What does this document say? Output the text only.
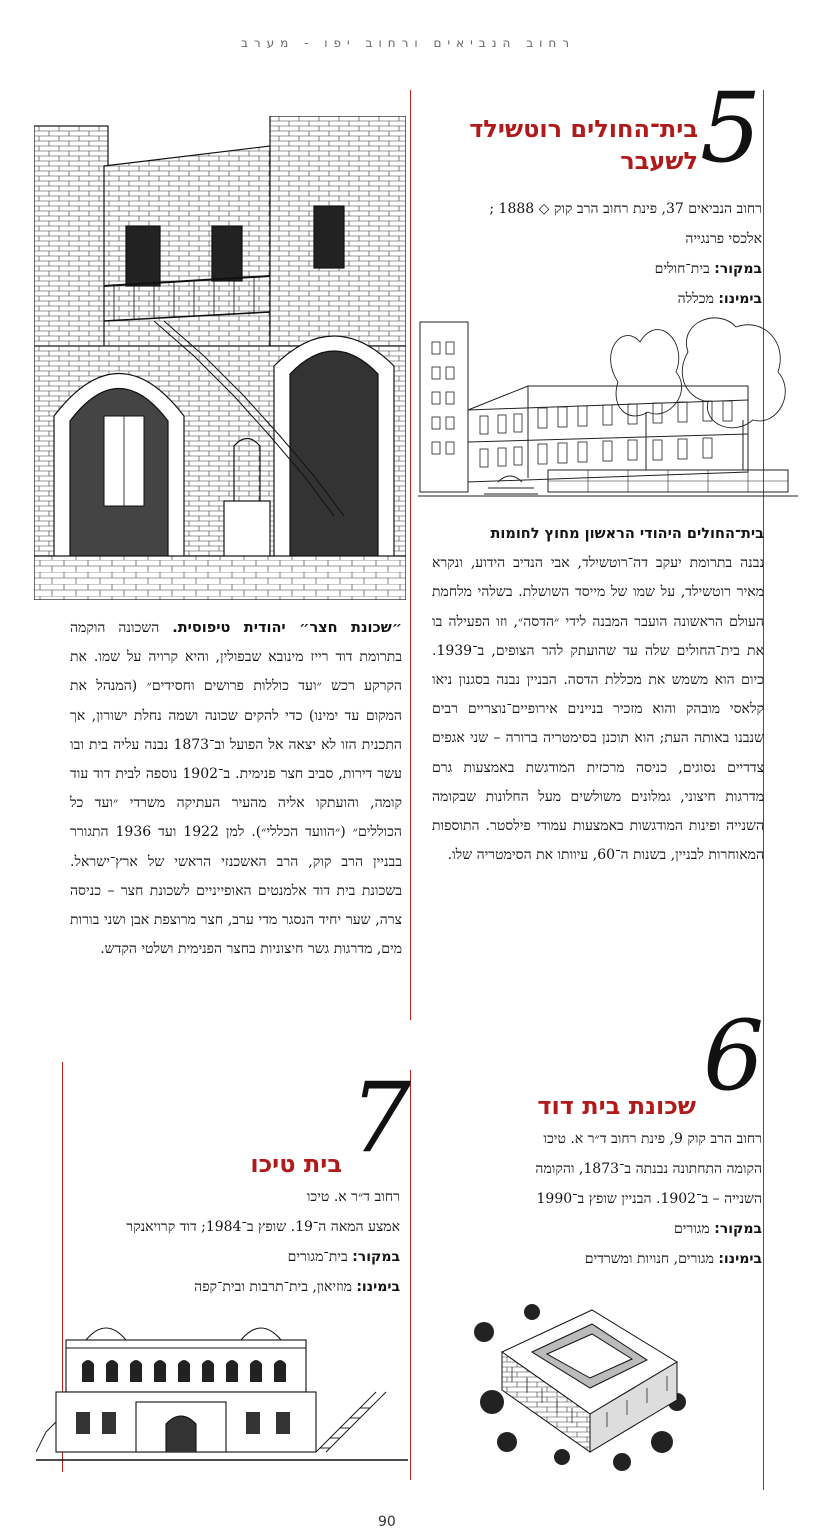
רחוב הנביאים ורחוב יפו - מערב
5
בית־החולים רוטשילד
לשעבר
רחוב הנביאים 37, פינת רחוב הרב קוק ◇ 1888 ;
אלכסי פרנגייה
במקור: בית־חולים
בימינו: מכללה
בית־החולים היהודי הראשון מחוץ לחומות
נבנה בתרומת יעקב דה־רוטשילד, אבי הנדיב הידוע, ונקרא מאיר רוטשילד, על שמו של מייסד השושלת. בשלהי מלחמת העולם הראשונה הועבר המבנה לידי ״הדסה״, וזו הפעילה בו את בית־החולים שלה עד שהועתק להר הצופים, ב־1939. כיום הוא משמש את מכללת הדסה. הבניין נבנה בסגנון ניאו קלאסי מובהק והוא מזכיר בניינים אירופיים־נוצריים רבים שנבנו באותה העת; הוא תוכנן בסימטריה ברורה – שני אגפים צדדיים נסוגים, כניסה מרכזית המודגשת באמצעות גרם מדרגות חיצוני, גמלונים משולשים מעל החלונות שבקומה השנייה ופינות המודגשות באמצעות עמודי פילסטר. התוספות המאוחרות לבניין, בשנות ה־60, עיוותו את הסימטריה שלו.
6
שכונת בית דוד
רחוב הרב קוק 9, פינת רחוב ד״ר א. טיכו
הקומה התחתונה נבנתה ב־1873, והקומה
השנייה – ב־1902. הבניין שופץ ב־1990
במקור: מגורים
בימינו: מגורים, חנויות ומשרדים
״שכונת חצר״ יהודית טיפוסית. השכונה הוקמה בתרומת דוד רייז מינובא שבפולין, והיא קרויה על שמו. את הקרקע רכש ״ועד כוללות פרושים וחסידים״ (המנהל את המקום עד ימינו) כדי להקים שכונה ושמה נחלת ישורון, אך התכנית הזו לא יצאה אל הפועל וב־1873 נבנה עליה בית ובו עשר דירות, סביב חצר פנימית. ב־1902 נוספה לבית דוד עוד קומה, והועתקו אליה מהעיר העתיקה משרדי ״ועד כל הכוללים״ (״הוועד הכללי״). למן 1922 ועד 1936 התגורר בבניין הרב קוק, הרב האשכנזי הראשי של ארץ־ישראל. בשכונת בית דוד אלמנטים האופייניים לשכונת חצר – כניסה צרה, שער יחיד הנסגר מדי ערב, חצר מרוצפת אבן ושני בורות מים, מדרגות גשר חיצוניות בחצר הפנימית ושלטי הקדש.
7
בית טיכו
רחוב ד״ר א. טיכו
אמצע המאה ה־19. שופץ ב־1984; דוד קרויאנקר
במקור: בית־מגורים
בימינו: מוזיאון, בית־תרבות ובית־קפה
90
